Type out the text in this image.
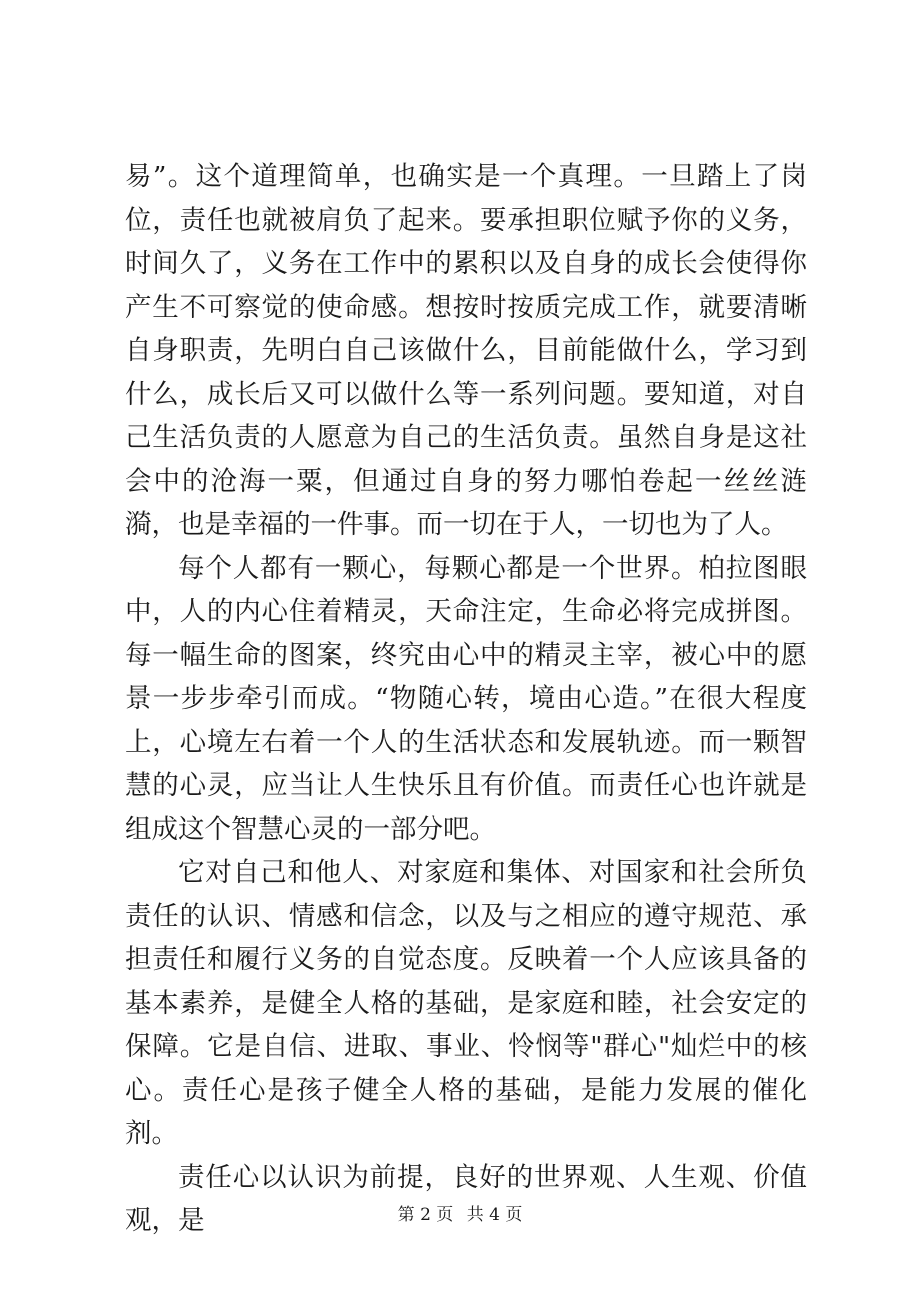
易”。这个道理简单，也确实是一个真理。一旦踏上了岗位，责任也就被肩负了起来。要承担职位赋予你的义务，时间久了，义务在工作中的累积以及自身的成长会使得你产生不可察觉的使命感。想按时按质完成工作，就要清晰自身职责，先明白自己该做什么，目前能做什么，学习到什么，成长后又可以做什么等一系列问题。要知道，对自己生活负责的人愿意为自己的生活负责。虽然自身是这社会中的沧海一粟，但通过自身的努力哪怕卷起一丝丝涟漪，也是幸福的一件事。而一切在于人，一切也为了人。

每个人都有一颗心，每颗心都是一个世界。柏拉图眼中，人的内心住着精灵，天命注定，生命必将完成拼图。每一幅生命的图案，终究由心中的精灵主宰，被心中的愿景一步步牵引而成。“物随心转，境由心造。”在很大程度上，心境左右着一个人的生活状态和发展轨迹。而一颗智慧的心灵，应当让人生快乐且有价值。而责任心也许就是组成这个智慧心灵的一部分吧。

它对自己和他人、对家庭和集体、对国家和社会所负责任的认识、情感和信念，以及与之相应的遵守规范、承担责任和履行义务的自觉态度。反映着一个人应该具备的基本素养，是健全人格的基础，是家庭和睦，社会安定的保障。它是自信、进取、事业、怜悯等"群心"灿烂中的核心。责任心是孩子健全人格的基础，是能力发展的催化剂。

责任心以认识为前提，良好的世界观、人生观、价值观，是	第 2 页 共 4 页
